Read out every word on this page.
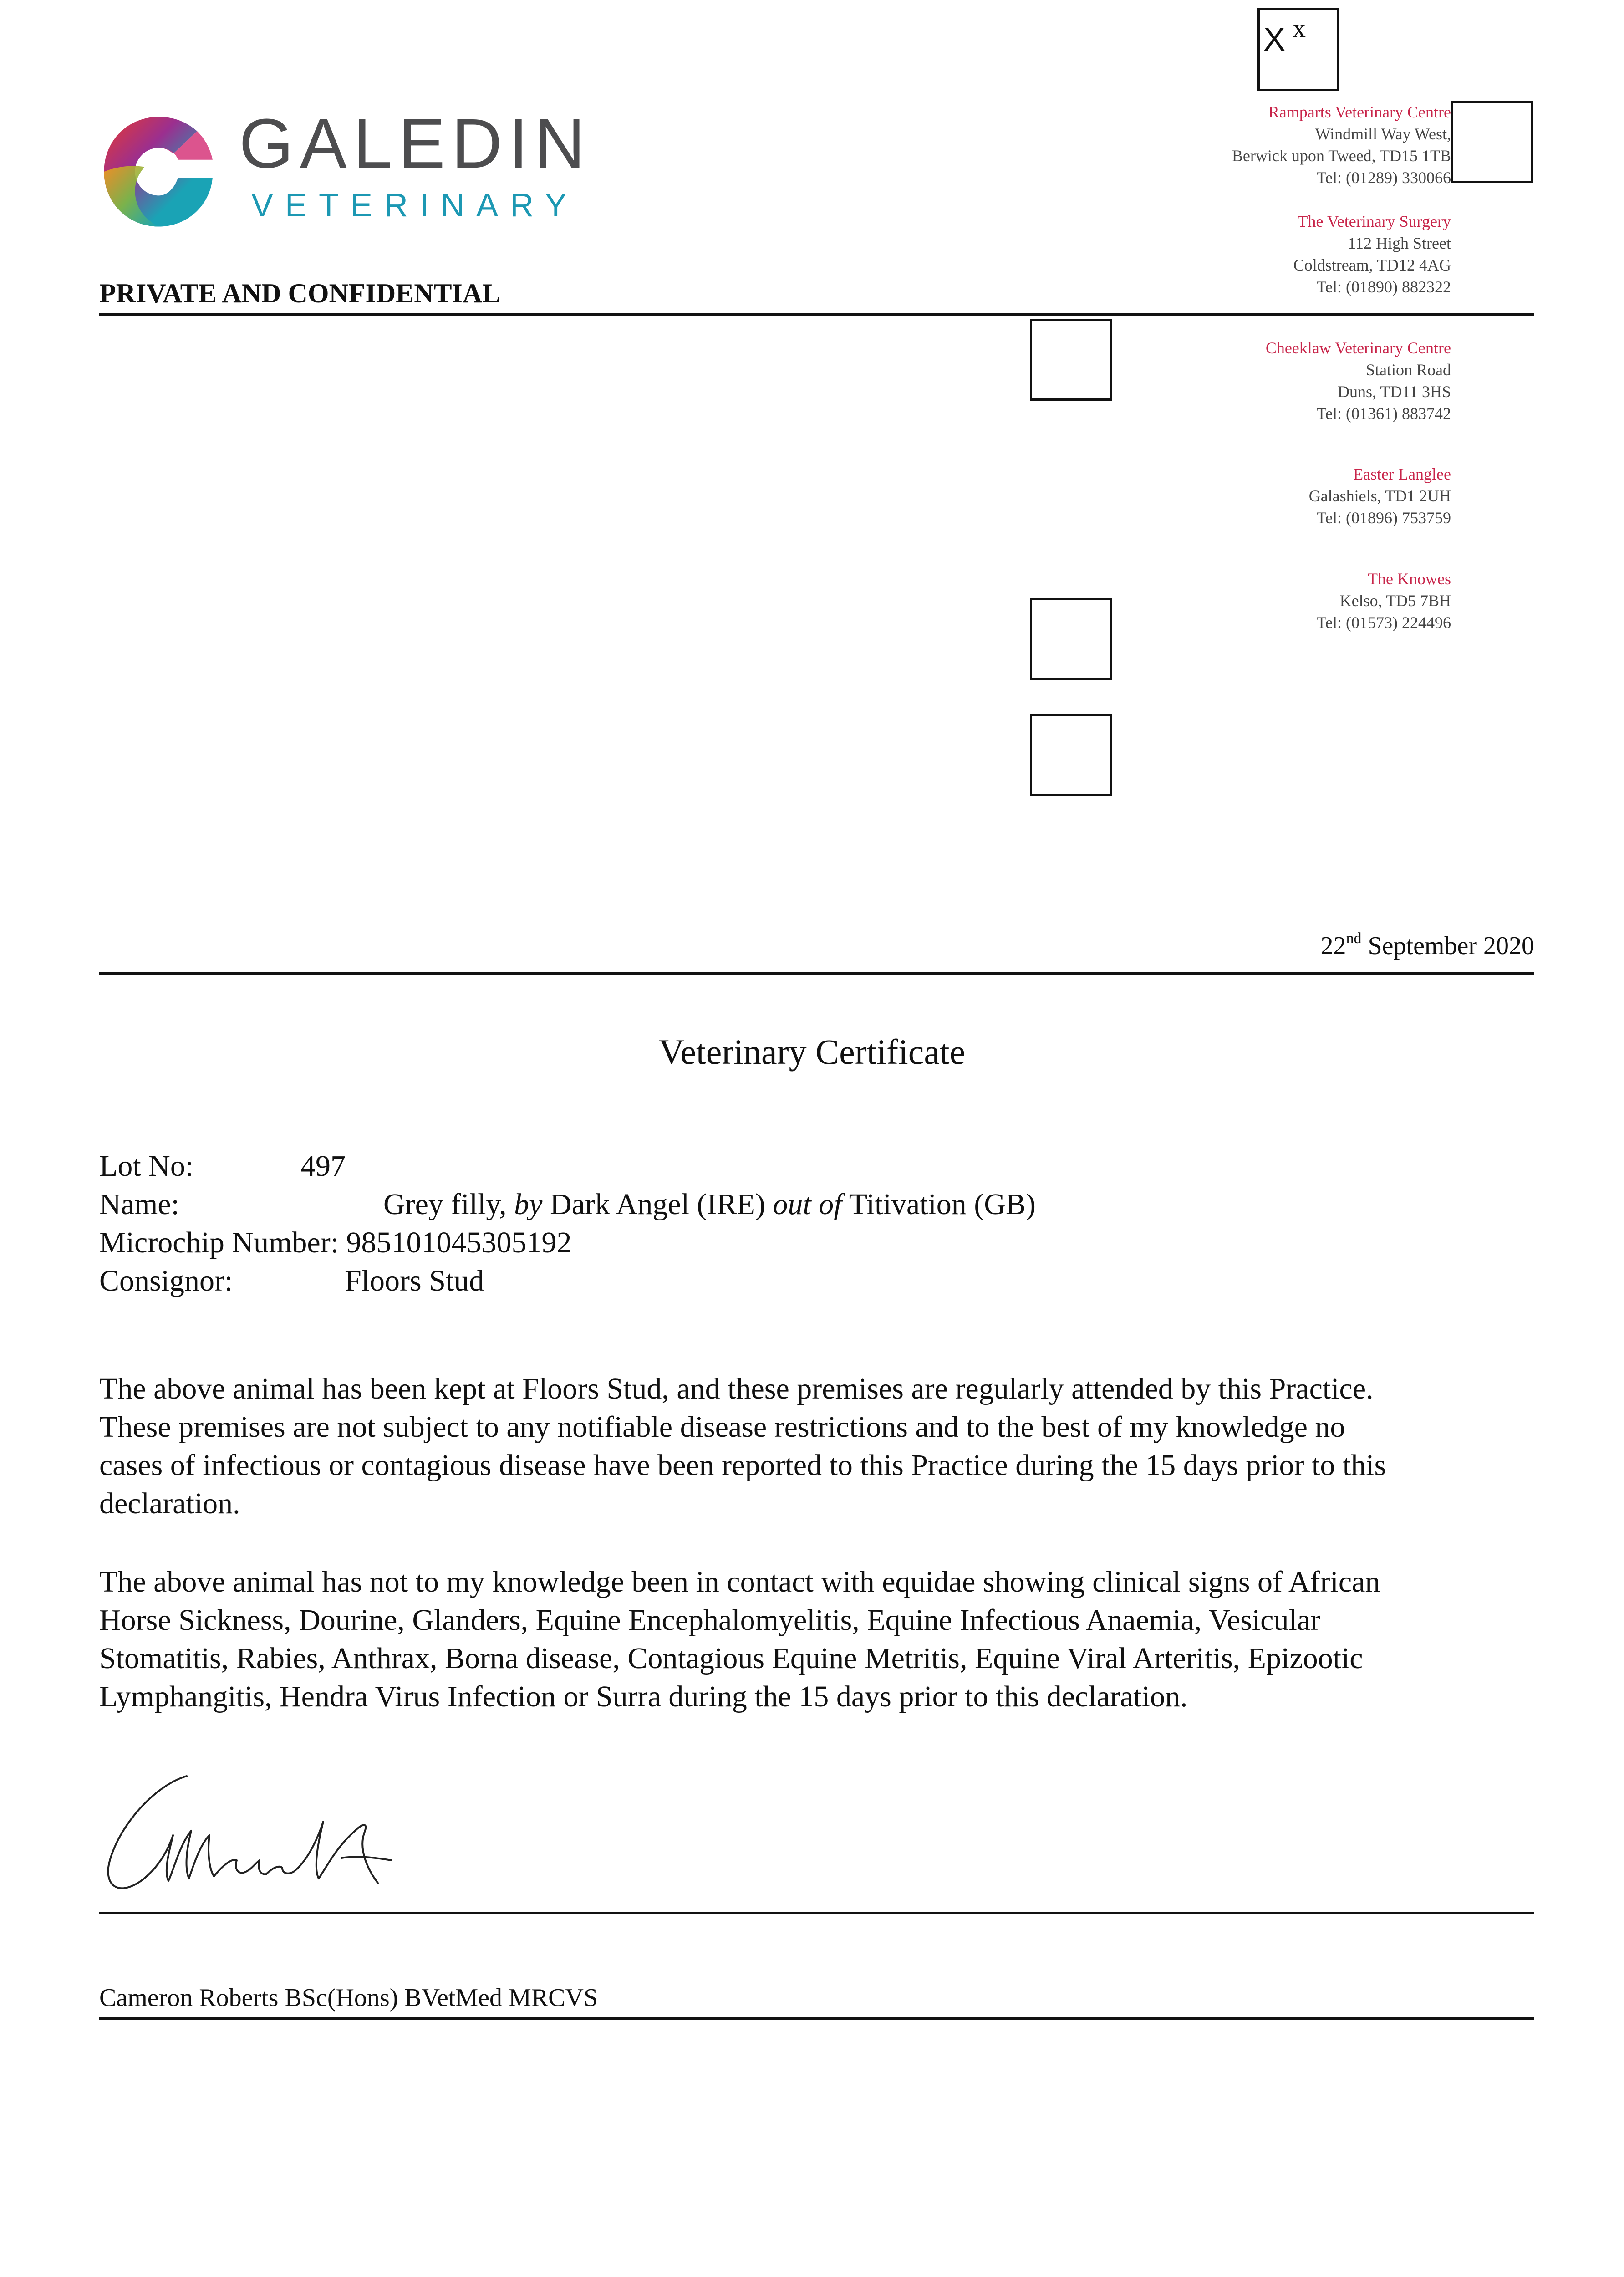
GALEDIN
VETERINARY
X x
Ramparts Veterinary Centre
Windmill Way West,
Berwick upon Tweed, TD15 1TB
Tel: (01289) 330066
The Veterinary Surgery
112 High Street
Coldstream, TD12 4AG
Tel: (01890) 882322
Cheeklaw Veterinary Centre
Station Road
Duns, TD11 3HS
Tel: (01361) 883742
Easter Langlee
Galashiels, TD1 2UH
Tel: (01896) 753759
The Knowes
Kelso, TD5 7BH
Tel: (01573) 224496
PRIVATE AND CONFIDENTIAL
22nd September 2020
Veterinary Certificate
Lot No:	497
Name:	Grey filly, by Dark Angel (IRE) out of Titivation (GB)
Microchip Number: 985101045305192
Consignor:	Floors Stud
The above animal has been kept at Floors Stud, and these premises are regularly attended by this Practice.
These premises are not subject to any notifiable disease restrictions and to the best of my knowledge no
cases of infectious or contagious disease have been reported to this Practice during the 15 days prior to this
declaration.
The above animal has not to my knowledge been in contact with equidae showing clinical signs of African
Horse Sickness, Dourine, Glanders, Equine Encephalomyelitis, Equine Infectious Anaemia, Vesicular
Stomatitis, Rabies, Anthrax, Borna disease, Contagious Equine Metritis, Equine Viral Arteritis, Epizootic
Lymphangitis, Hendra Virus Infection or Surra during the 15 days prior to this declaration.
Cameron Roberts BSc(Hons) BVetMed MRCVS
